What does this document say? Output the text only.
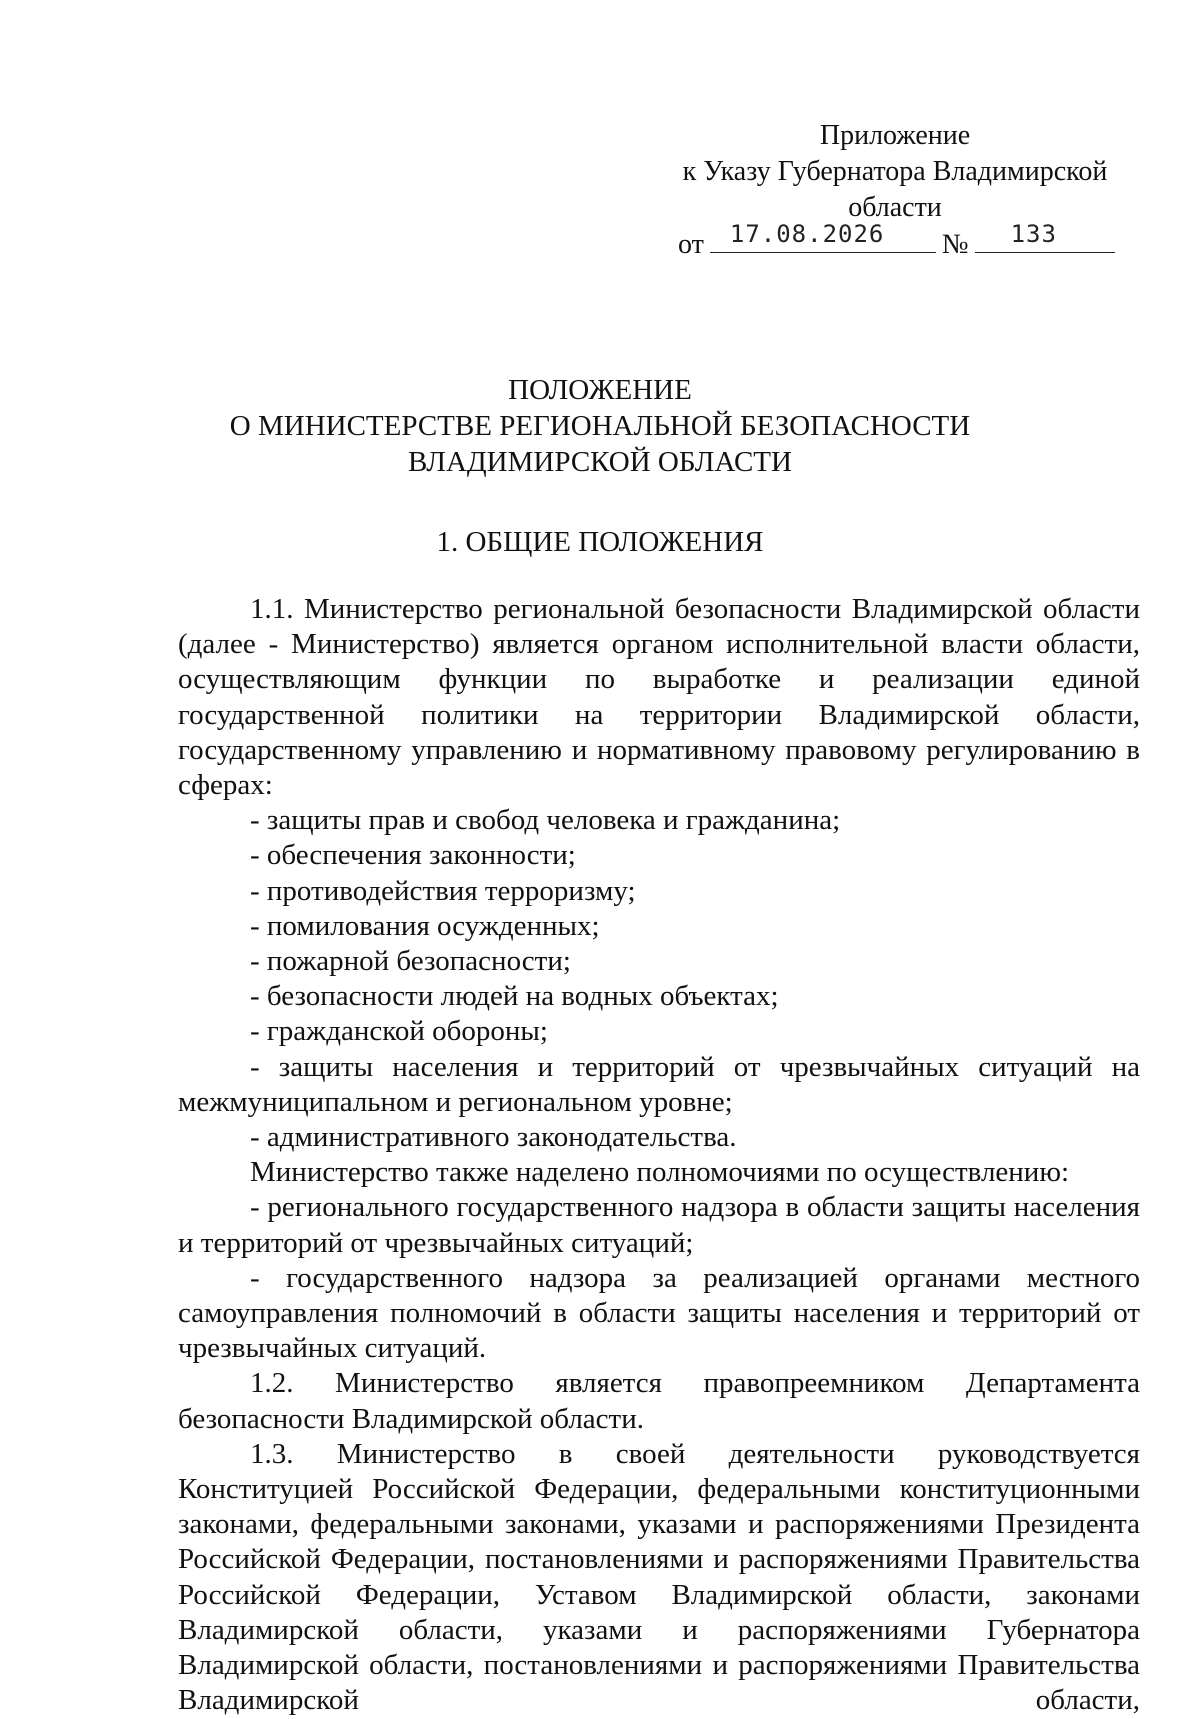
Приложение
к Указу Губернатора Владимирской
области
от 17.08.2026 № 133
ПОЛОЖЕНИЕ
О МИНИСТЕРСТВЕ РЕГИОНАЛЬНОЙ БЕЗОПАСНОСТИ
ВЛАДИМИРСКОЙ ОБЛАСТИ
1. ОБЩИЕ ПОЛОЖЕНИЯ

1.1. Министерство региональной безопасности Владимирской области (далее - Министерство) является органом исполнительной власти области, осуществляющим функции по выработке и реализации единой государственной политики на территории Владимирской области, государственному управлению и нормативному правовому регулированию в сферах:

- защиты прав и свобод человека и гражданина;

- обеспечения законности;

- противодействия терроризму;

- помилования осужденных;

- пожарной безопасности;

- безопасности людей на водных объектах;

- гражданской обороны;

- защиты населения и территорий от чрезвычайных ситуаций на межмуниципальном и региональном уровне;

- административного законодательства.

Министерство также наделено полномочиями по осуществлению:

- регионального государственного надзора в области защиты населения и территорий от чрезвычайных ситуаций;

- государственного надзора за реализацией органами местного самоуправления полномочий в области защиты населения и территорий от чрезвычайных ситуаций.

1.2. Министерство является правопреемником Департамента безопасности Владимирской области.

1.3. Министерство в своей деятельности руководствуется Конституцией Российской Федерации, федеральными конституционными законами, федеральными законами, указами и распоряжениями Президента Российской Федерации, постановлениями и распоряжениями Правительства Российской Федерации, Уставом Владимирской области, законами Владимирской области, указами и распоряжениями Губернатора Владимирской области, постановлениями и распоряжениями Правительства Владимирской области,
